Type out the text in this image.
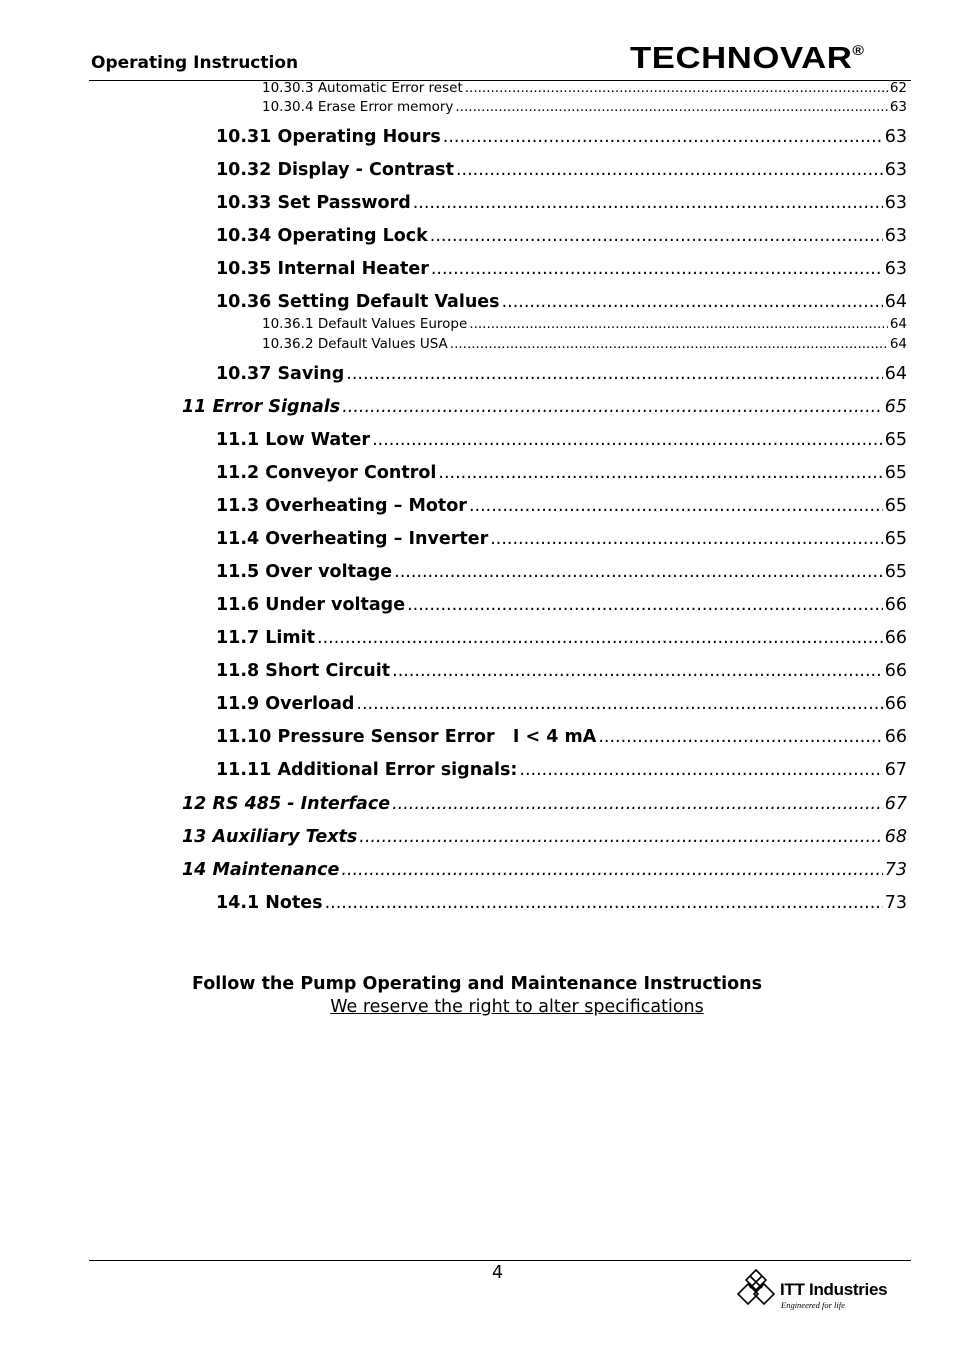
Operating Instruction	TECHNOVAR®
10.30.3 Automatic Error reset .....	62
10.30.4 Erase Error memory .....	63
10.31 Operating Hours .....	63
10.32 Display - Contrast .....	63
10.33 Set Password .....	63
10.34 Operating Lock .....	63
10.35 Internal Heater .....	63
10.36 Setting Default Values .....	64
10.36.1 Default Values Europe .....	64
10.36.2 Default Values USA .....	64
10.37 Saving .....	64
11 Error Signals .....	65
11.1 Low Water .....	65
11.2 Conveyor Control .....	65
11.3 Overheating – Motor .....	65
11.4 Overheating – Inverter .....	65
11.5 Over voltage .....	65
11.6 Under voltage .....	66
11.7 Limit .....	66
11.8 Short Circuit .....	66
11.9 Overload .....	66
11.10 Pressure Sensor Error   I < 4 mA .....	66
11.11 Additional Error signals: .....	67
12 RS 485 - Interface .....	67
13 Auxiliary Texts .....	68
14 Maintenance .....	73
14.1 Notes .....	73
Follow the Pump Operating and Maintenance Instructions
We reserve the right to alter specifications
4
ITT Industries
Engineered for life
